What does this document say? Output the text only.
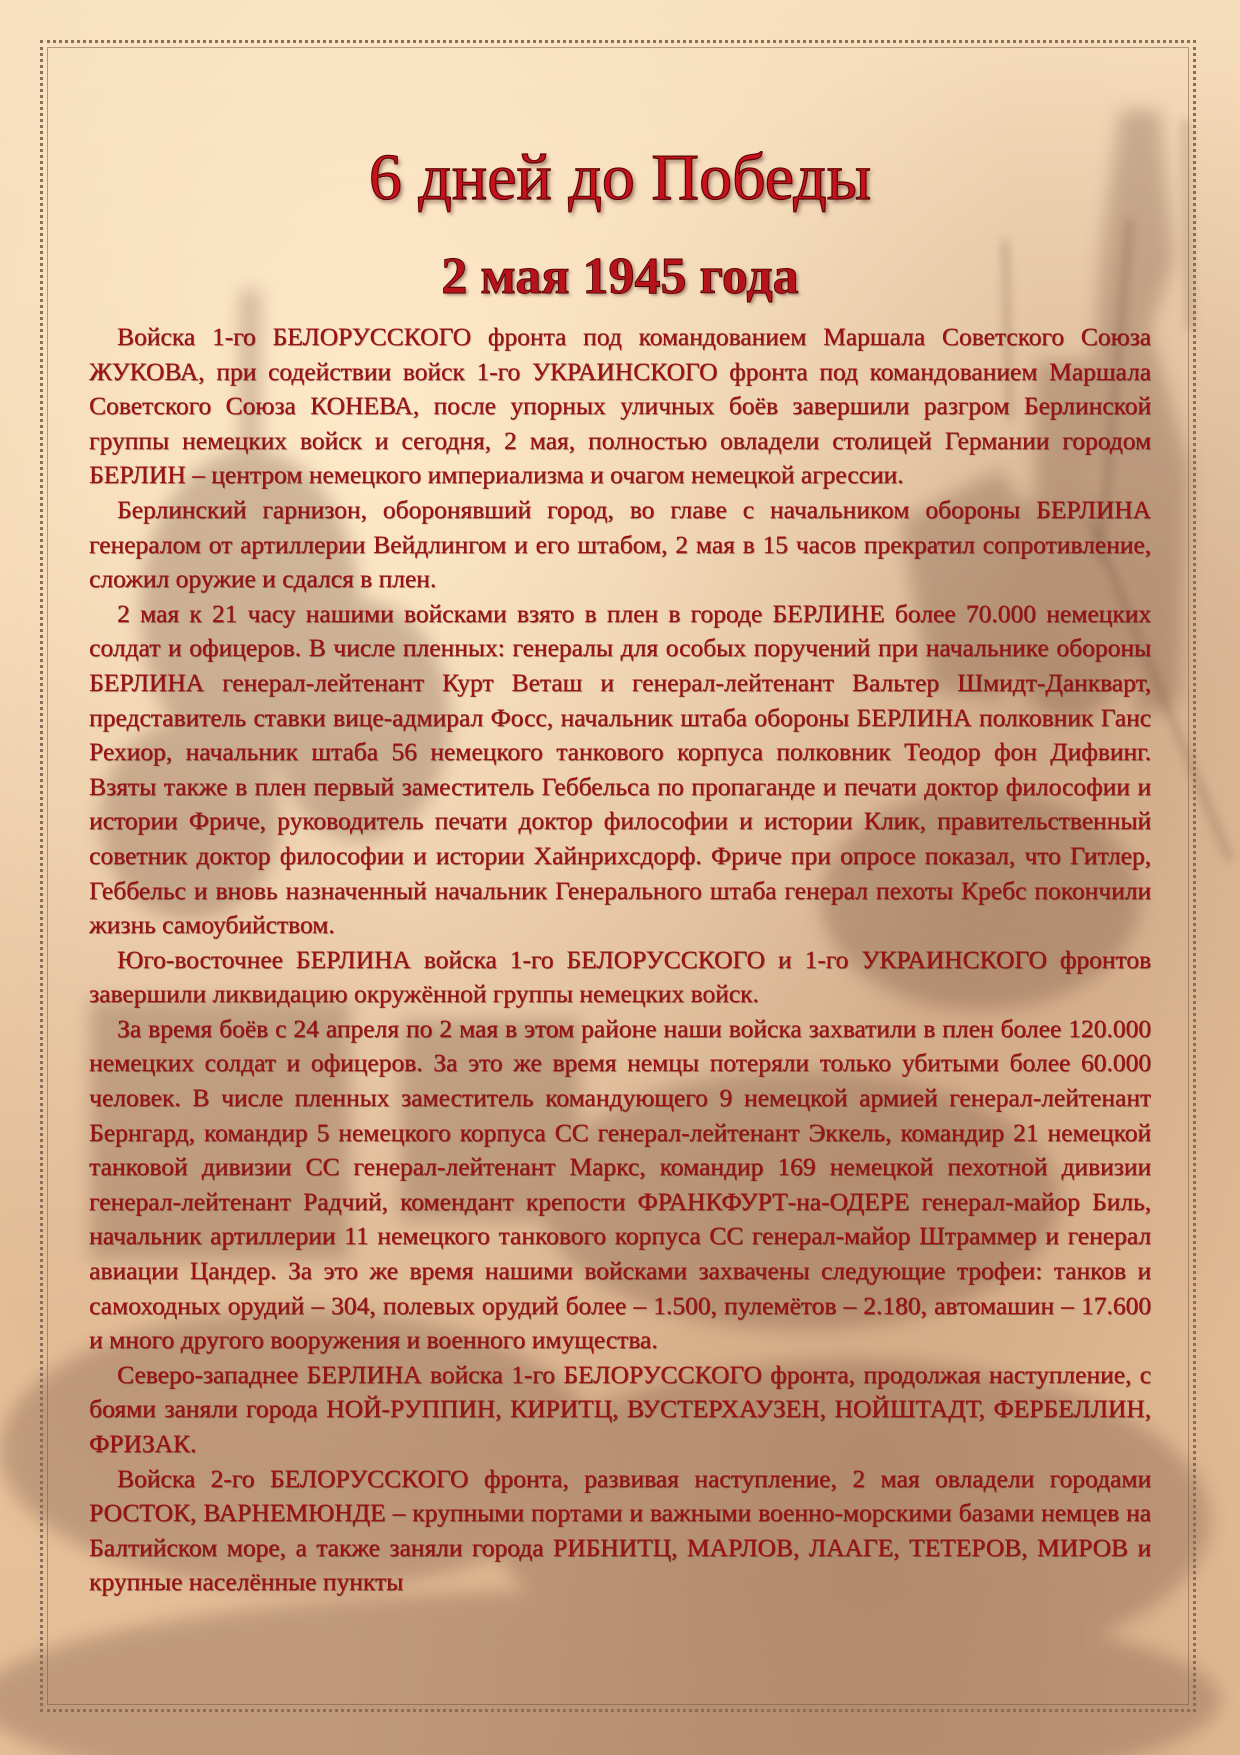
6 дней до Победы
2 мая 1945 года

Войска 1-го БЕЛОРУССКОГО фронта под командованием Маршала Советского Союза ЖУКОВА, при содействии войск 1-го УКРАИНСКОГО фронта под командованием Маршала Советского Союза КОНЕВА, после упорных уличных боёв завершили разгром Берлинской группы немецких войск и сегодня, 2 мая, полностью овладели столицей Германии городом БЕРЛИН – центром немецкого империализма и очагом немецкой агрессии.

Берлинский гарнизон, оборонявший город, во главе с начальником обороны БЕРЛИНА генералом от артиллерии Вейдлингом и его штабом, 2 мая в 15 часов прекратил сопротивление, сложил оружие и сдался в плен.

2 мая к 21 часу нашими войсками взято в плен в городе БЕРЛИНЕ более 70.000 немецких солдат и офицеров. В числе пленных: генералы для особых поручений при начальнике обороны БЕРЛИНА генерал-лейтенант Курт Веташ и генерал-лейтенант Вальтер Шмидт-Данкварт, представитель ставки вице-адмирал Фосс, начальник штаба обороны БЕРЛИНА полковник Ганс Рехиор, начальник штаба 56 немецкого танкового корпуса полковник Теодор фон Дифвинг. Взяты также в плен первый заместитель Геббельса по пропаганде и печати доктор философии и истории Фриче, руководитель печати доктор философии и истории Клик, правительственный советник доктор философии и истории Хайнрихсдорф. Фриче при опросе показал, что Гитлер, Геббельс и вновь назначенный начальник Генерального штаба генерал пехоты Кребс покончили жизнь самоубийством.

Юго-восточнее БЕРЛИНА войска 1-го БЕЛОРУССКОГО и 1-го УКРАИНСКОГО фронтов завершили ликвидацию окружённой группы немецких войск.

За время боёв с 24 апреля по 2 мая в этом районе наши войска захватили в плен более 120.000 немецких солдат и офицеров. За это же время немцы потеряли только убитыми более 60.000 человек. В числе пленных заместитель командующего 9 немецкой армией генерал-лейтенант Бернгард, командир 5 немецкого корпуса СС генерал-лейтенант Эккель, командир 21 немецкой танковой дивизии СС генерал-лейтенант Маркс, командир 169 немецкой пехотной дивизии генерал-лейтенант Радчий, комендант крепости ФРАНКФУРТ-на-ОДЕРЕ генерал-майор Биль, начальник артиллерии 11 немецкого танкового корпуса СС генерал-майор Штраммер и генерал авиации Цандер. За это же время нашими войсками захвачены следующие трофеи: танков и самоходных орудий – 304, полевых орудий более – 1.500, пулемётов – 2.180, автомашин – 17.600 и много другого вооружения и военного имущества.

Северо-западнее БЕРЛИНА войска 1-го БЕЛОРУССКОГО фронта, продолжая наступление, с боями заняли города НОЙ-РУППИН, КИРИТЦ, ВУСТЕРХАУЗЕН, НОЙШТАДТ, ФЕРБЕЛЛИН, ФРИЗАК.

Войска 2-го БЕЛОРУССКОГО фронта, развивая наступление, 2 мая овладели городами РОСТОК, ВАРНЕМЮНДЕ – крупными портами и важными военно-морскими базами немцев на Балтийском море, а также заняли города РИБНИТЦ, МАРЛОВ, ЛААГЕ, ТЕТЕРОВ, МИРОВ и крупные населённые пункты
